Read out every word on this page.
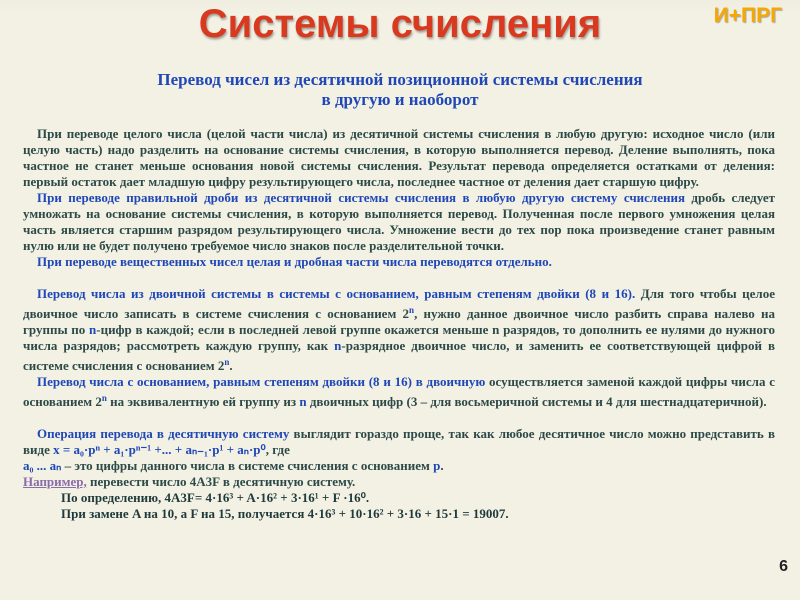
Системы счисления	И+ПРГ
Перевод чисел из десятичной позиционной системы счисления
в другую и наоборот

При переводе целого числа (целой части числа) из десятичной системы счисления в любую другую: исходное число (или целую часть) надо разделить на основание системы счисления, в которую выполняется перевод. Деление выполнять, пока частное не станет меньше основания новой системы счисления. Результат перевода определяется остатками от деления: первый остаток дает младшую цифру результирующего числа, последнее частное от деления дает старшую цифру.

При переводе правильной дроби из десятичной системы счисления в любую другую систему счисления дробь следует умножать на основание системы счисления, в которую выполняется перевод. Полученная после первого умножения целая часть является старшим разрядом результирующего числа. Умножение вести до тех пор пока произведение станет равным нулю или не будет получено требуемое число знаков после разделительной точки.

При переводе вещественных чисел целая и дробная части числа переводятся отдельно.

Перевод числа из двоичной системы в системы с основанием, равным степеням двойки (8 и 16). Для того чтобы целое двоичное число записать в системе счисления с основанием 2$^n$, нужно данное двоичное число разбить справа налево на группы по n-цифр в каждой; если в последней левой группе окажется меньше n разрядов, то дополнить ее нулями до нужного числа разрядов; рассмотреть каждую группу, как n-разрядное двоичное число, и заменить ее соответствующей цифрой в системе счисления с основанием 2$^n$.

Перевод числа с основанием, равным степеням двойки (8 и 16) в двоичную осуществляется заменой каждой цифры числа с основанием 2$^n$ на эквивалентную ей группу из n двоичных цифр (3 – для восьмеричной системы и 4 для шестнадцатеричной).

Операция перевода в десятичную систему выглядит гораздо проще, так как любое десятичное число можно представить в виде x = a₀·pⁿ + a₁·pⁿ⁻¹ +... + aₙ₋₁·p¹ + aₙ·p⁰, где

a₀ ... aₙ – это цифры данного числа в системе счисления с основанием p.

Например, перевести число 4A3F в десятичную систему.

По определению, 4A3F= 4·16³ + A·16² + 3·16¹ + F ·16⁰.

При замене A на 10, а F на 15, получается 4·16³ + 10·16² + 3·16 + 15·1 = 19007.

6
